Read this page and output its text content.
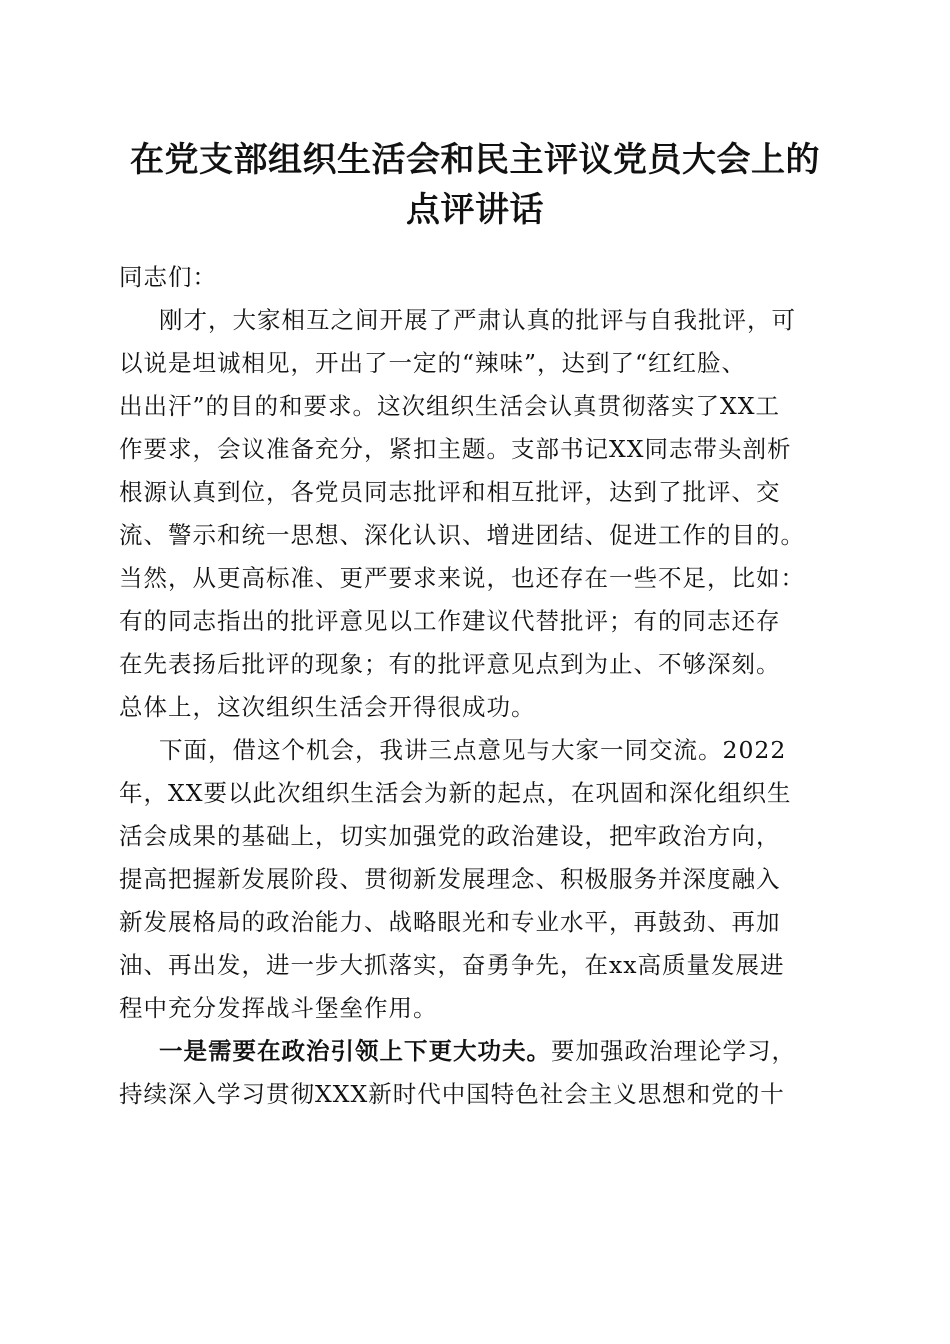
在党支部组织生活会和民主评议党员大会上的
点评讲话
同志们：
刚才，大家相互之间开展了严肃认真的批评与自我批评，可
以说是坦诚相见，开出了一定的“辣味”，达到了“红红脸、
出出汗”的目的和要求。这次组织生活会认真贯彻落实了XX工
作要求，会议准备充分，紧扣主题。支部书记XX同志带头剖析
根源认真到位，各党员同志批评和相互批评，达到了批评、交
流、警示和统一思想、深化认识、增进团结、促进工作的目的。
当然，从更高标准、更严要求来说，也还存在一些不足，比如：
有的同志指出的批评意见以工作建议代替批评；有的同志还存
在先表扬后批评的现象；有的批评意见点到为止、不够深刻。
总体上，这次组织生活会开得很成功。
下面，借这个机会，我讲三点意见与大家一同交流。2022
年，XX要以此次组织生活会为新的起点，在巩固和深化组织生
活会成果的基础上，切实加强党的政治建设，把牢政治方向，
提高把握新发展阶段、贯彻新发展理念、积极服务并深度融入
新发展格局的政治能力、战略眼光和专业水平，再鼓劲、再加
油、再出发，进一步大抓落实，奋勇争先，在xx高质量发展进
程中充分发挥战斗堡垒作用。
一是需要在政治引领上下更大功夫。要加强政治理论学习，
持续深入学习贯彻XXX新时代中国特色社会主义思想和党的十
